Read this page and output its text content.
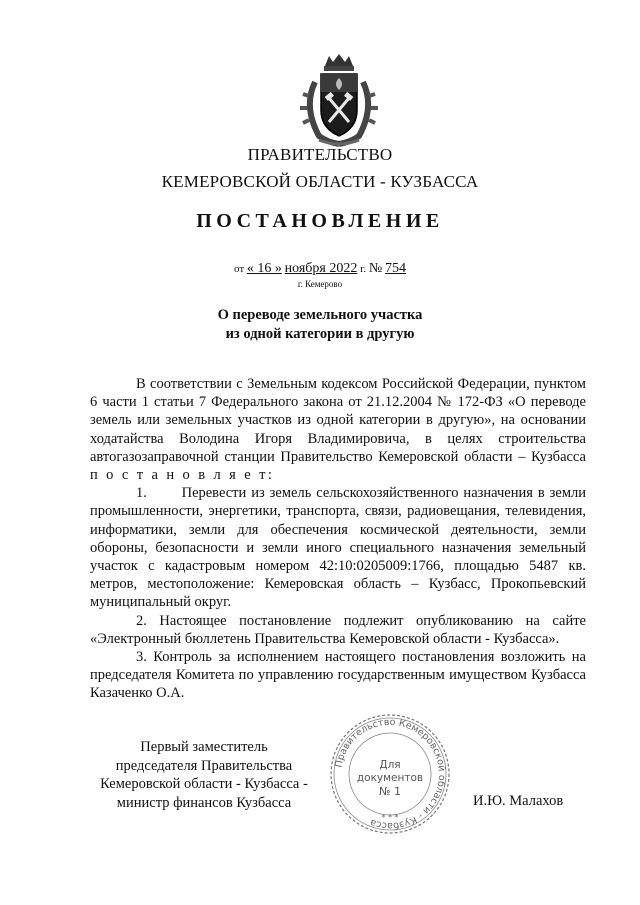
ПРАВИТЕЛЬСТВО
КЕМЕРОВСКОЙ ОБЛАСТИ - КУЗБАССА
ПОСТАНОВЛЕНИЕ
от « 16 » ноября 2022 г. № 754
г. Кемерово
О переводе земельного участка
из одной категории в другую

В соответствии с Земельным кодексом Российской Федерации, пунктом 6 части 1 статьи 7 Федерального закона от 21.12.2004 № 172-ФЗ «О переводе земель или земельных участков из одной категории в другую», на основании ходатайства Володина Игоря Владимировича, в целях строительства автогазозаправочной станции Правительство Кемеровской области – Кузбасса п о с т а н о в л я е т:

1. Перевести из земель сельскохозяйственного назначения в земли промышленности, энергетики, транспорта, связи, радиовещания, телевидения, информатики, земли для обеспечения космической деятельности, земли обороны, безопасности и земли иного специального назначения земельный участок с кадастровым номером 42:10:0205009:1766, площадью 5487 кв. метров, местоположение: Кемеровская область – Кузбасс, Прокопьевский муниципальный округ.

2. Настоящее постановление подлежит опубликованию на сайте «Электронный бюллетень Правительства Кемеровской области - Кузбасса».

3. Контроль за исполнением настоящего постановления возложить на председателя Комитета по управлению государственным имуществом Кузбасса Казаченко О.А.

Первый заместитель
председателя Правительства
Кемеровской области - Кузбасса -
министр финансов Кузбасса
Правительство Кемеровской области - Кузбасса * * *
Для
документов
№ 1
И.Ю. Малахов
